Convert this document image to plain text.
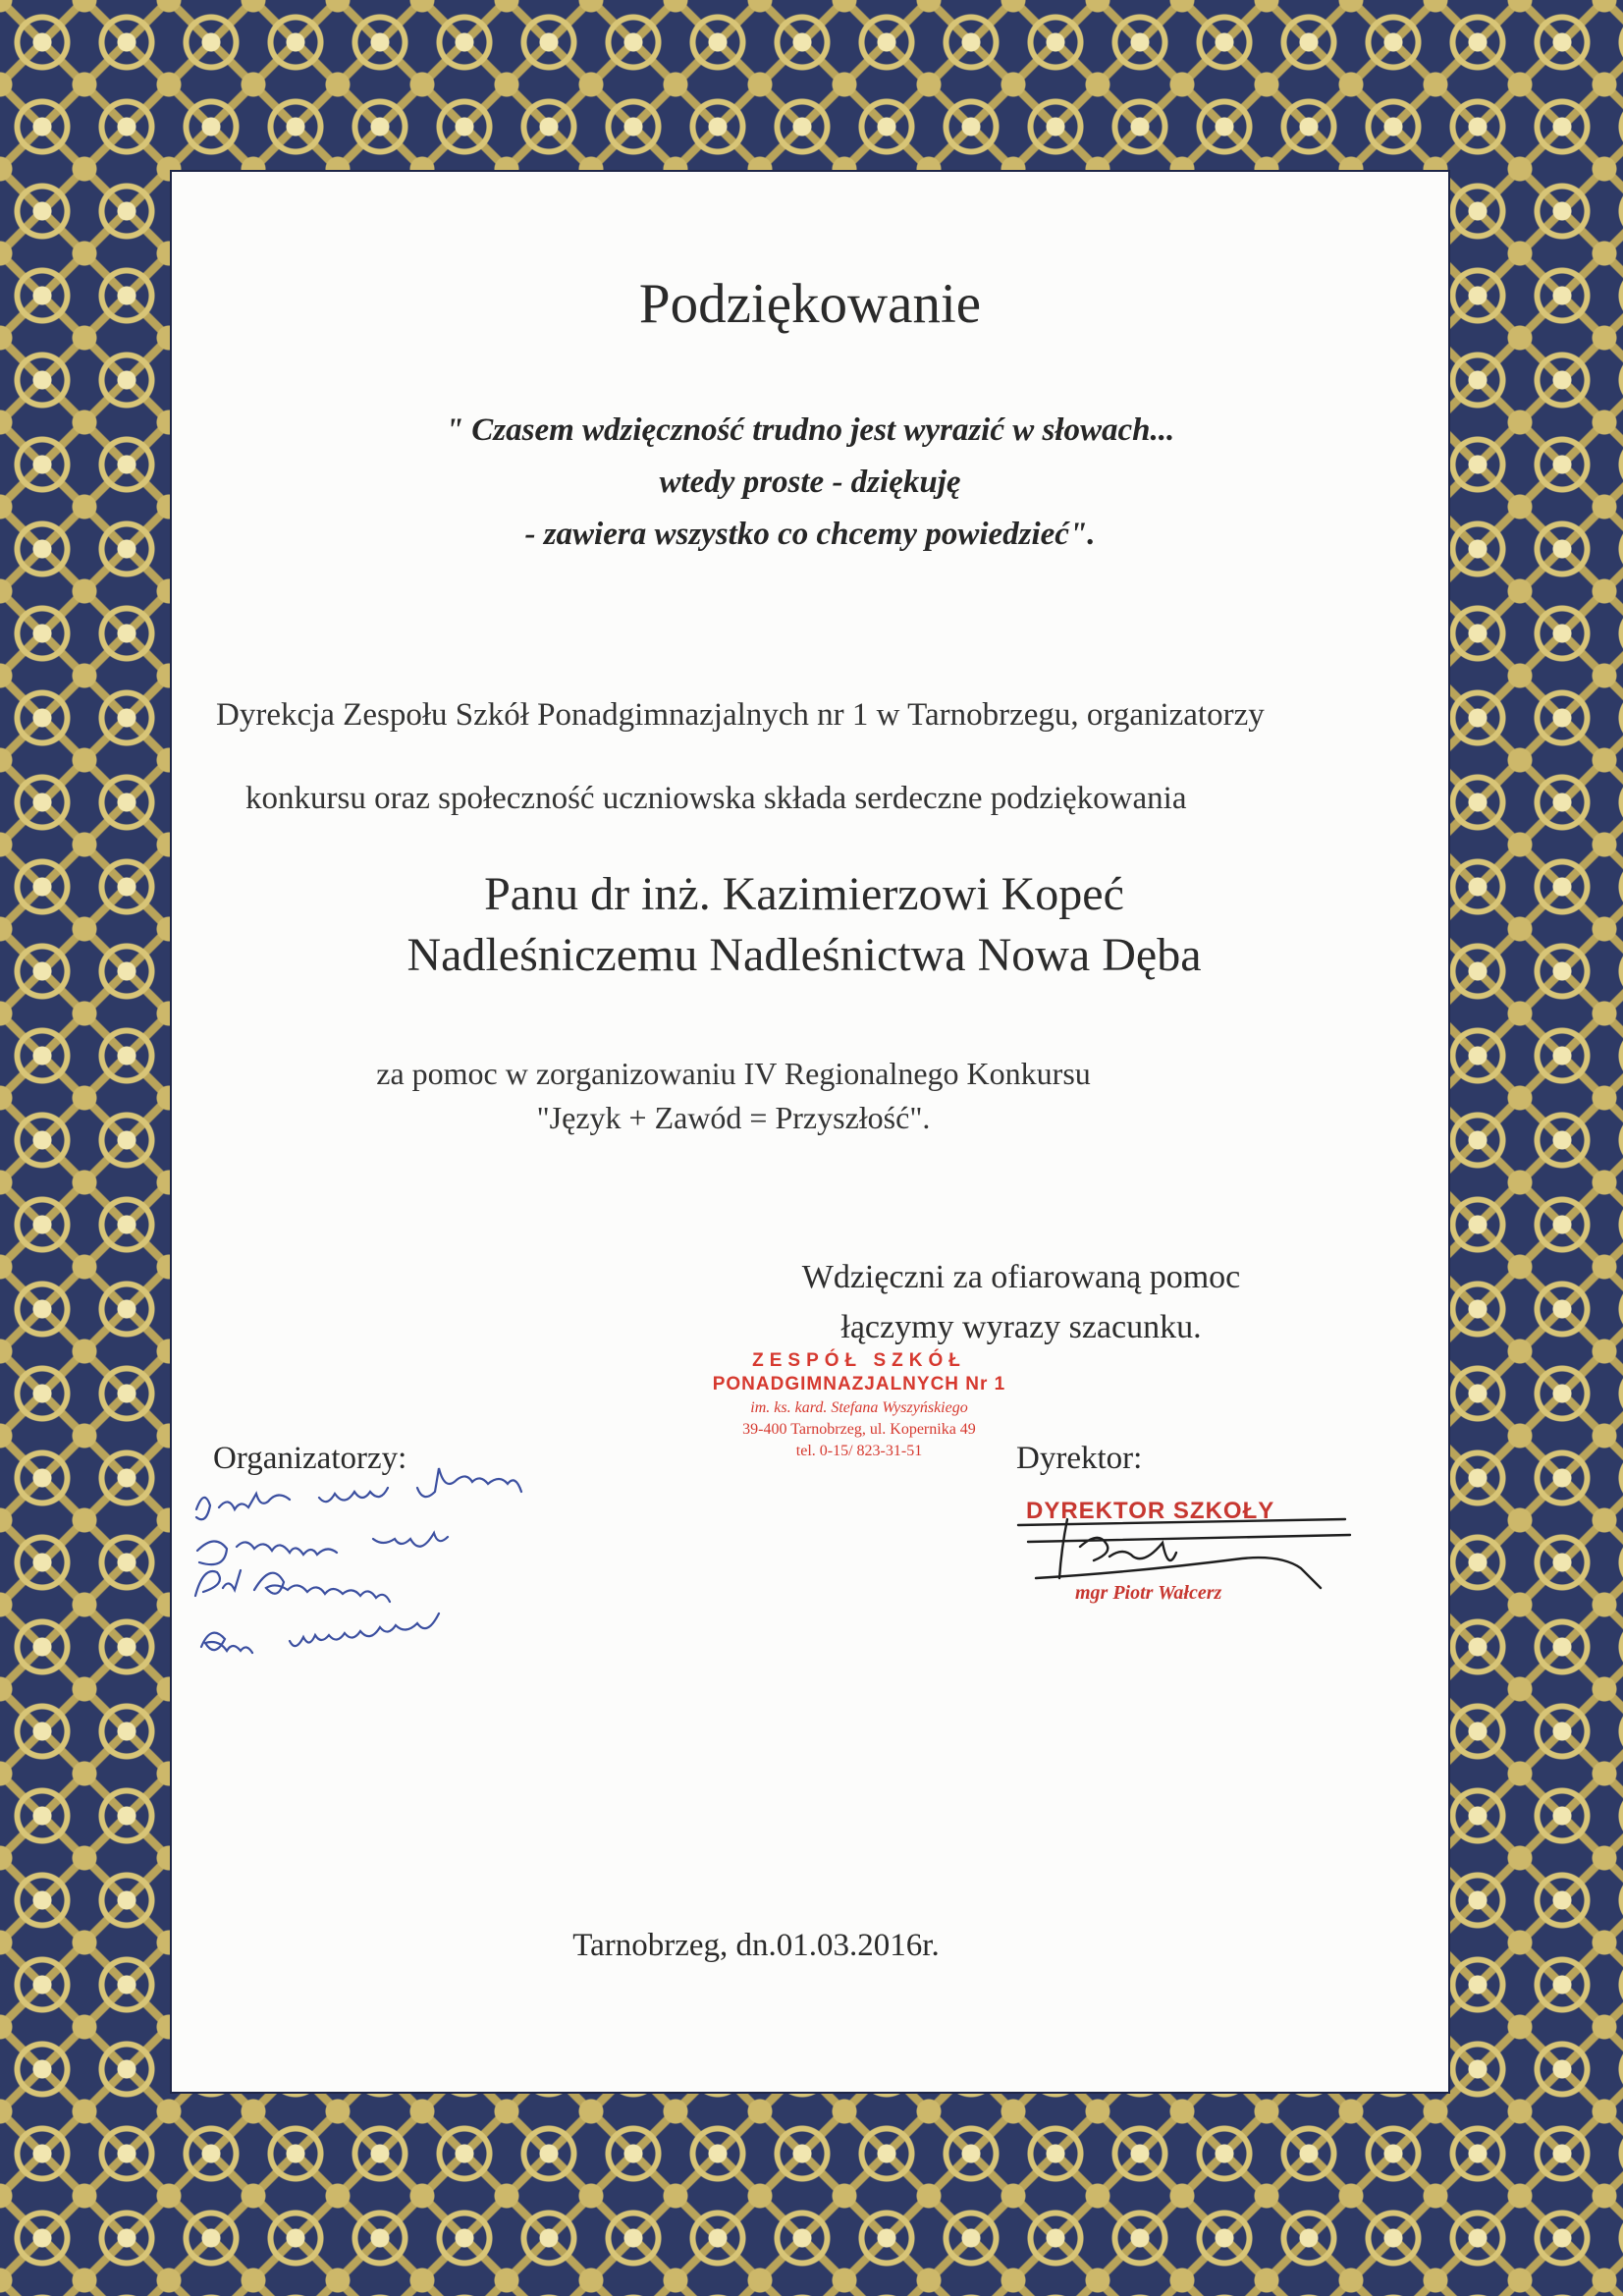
Podziękowanie
" Czasem wdzięczność trudno jest wyrazić w słowach...
wtedy proste - dziękuję
- zawiera wszystko co chcemy powiedzieć".
Dyrekcja Zespołu Szkół Ponadgimnazjalnych nr 1 w Tarnobrzegu, organizatorzy
konkursu oraz społeczność uczniowska składa serdeczne podziękowania
Panu dr inż. Kazimierzowi Kopeć
Nadleśniczemu Nadleśnictwa Nowa Dęba
za pomoc w zorganizowaniu IV Regionalnego Konkursu
"Język + Zawód = Przyszłość".
Wdzięczni za ofiarowaną pomoc
łączymy wyrazy szacunku.
ZESPÓŁ SZKÓŁ
PONADGIMNAZJALNYCH Nr 1
im. ks. kard. Stefana Wyszyńskiego
39-400 Tarnobrzeg, ul. Kopernika 49
tel. 0-15/ 823-31-51
Organizatorzy:	Dyrektor:
DYREKTOR SZKOŁY
mgr Piotr Wałcerz
Tarnobrzeg, dn.01.03.2016r.
